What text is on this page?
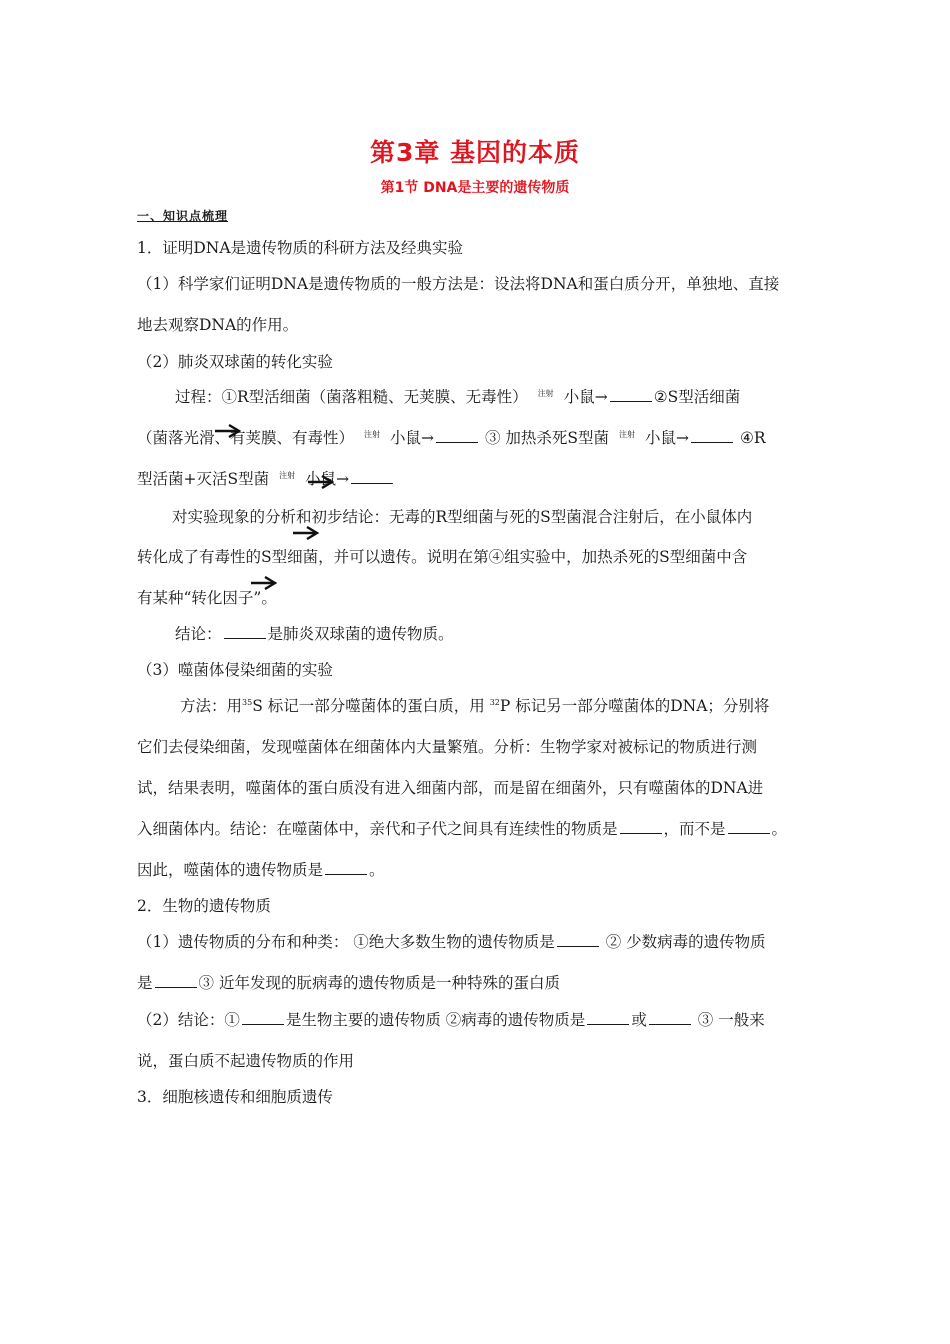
第3章 基因的本质
第1节 DNA是主要的遗传物质
一、知识点梳理
1．证明DNA是遗传物质的科研方法及经典实验
（1）科学家们证明DNA是遗传物质的一般方法是：设法将DNA和蛋白质分开，单独地、直接
地去观察DNA的作用。
（2）肺炎双球菌的转化实验
过程：①R型活细菌（菌落粗糙、无荚膜、无毒性） $^{注射}$ 小鼠→	②S型活细菌
（菌落光滑、有荚膜、有毒性） $^{注射}$ 小鼠→	③ 加热杀死S型菌 $^{注射}$ 小鼠→	④R
型活菌+灭活S型菌 $^{注射}$ 小鼠→
对实验现象的分析和初步结论：无毒的R型细菌与死的S型菌混合注射后，在小鼠体内
转化成了有毒性的S型细菌，并可以遗传。说明在第④组实验中，加热杀死的S型细菌中含
有某种“转化因子”。
结论：	是肺炎双球菌的遗传物质。
（3）噬菌体侵染细菌的实验
方法：用$^{35}$S 标记一部分噬菌体的蛋白质，用 $^{32}$P 标记另一部分噬菌体的DNA；分别将
它们去侵染细菌，发现噬菌体在细菌体内大量繁殖。分析：生物学家对被标记的物质进行测
试，结果表明，噬菌体的蛋白质没有进入细菌内部，而是留在细菌外，只有噬菌体的DNA进
入细菌体内。结论：在噬菌体中，亲代和子代之间具有连续性的物质是	，而不是	。
因此，噬菌体的遗传物质是	。
2．生物的遗传物质
（1）遗传物质的分布和种类： ①绝大多数生物的遗传物质是	② 少数病毒的遗传物质
是	③ 近年发现的朊病毒的遗传物质是一种特殊的蛋白质
（2）结论：①	是生物主要的遗传物质 ②病毒的遗传物质是	或	③ 一般来
说，蛋白质不起遗传物质的作用
3．细胞核遗传和细胞质遗传
